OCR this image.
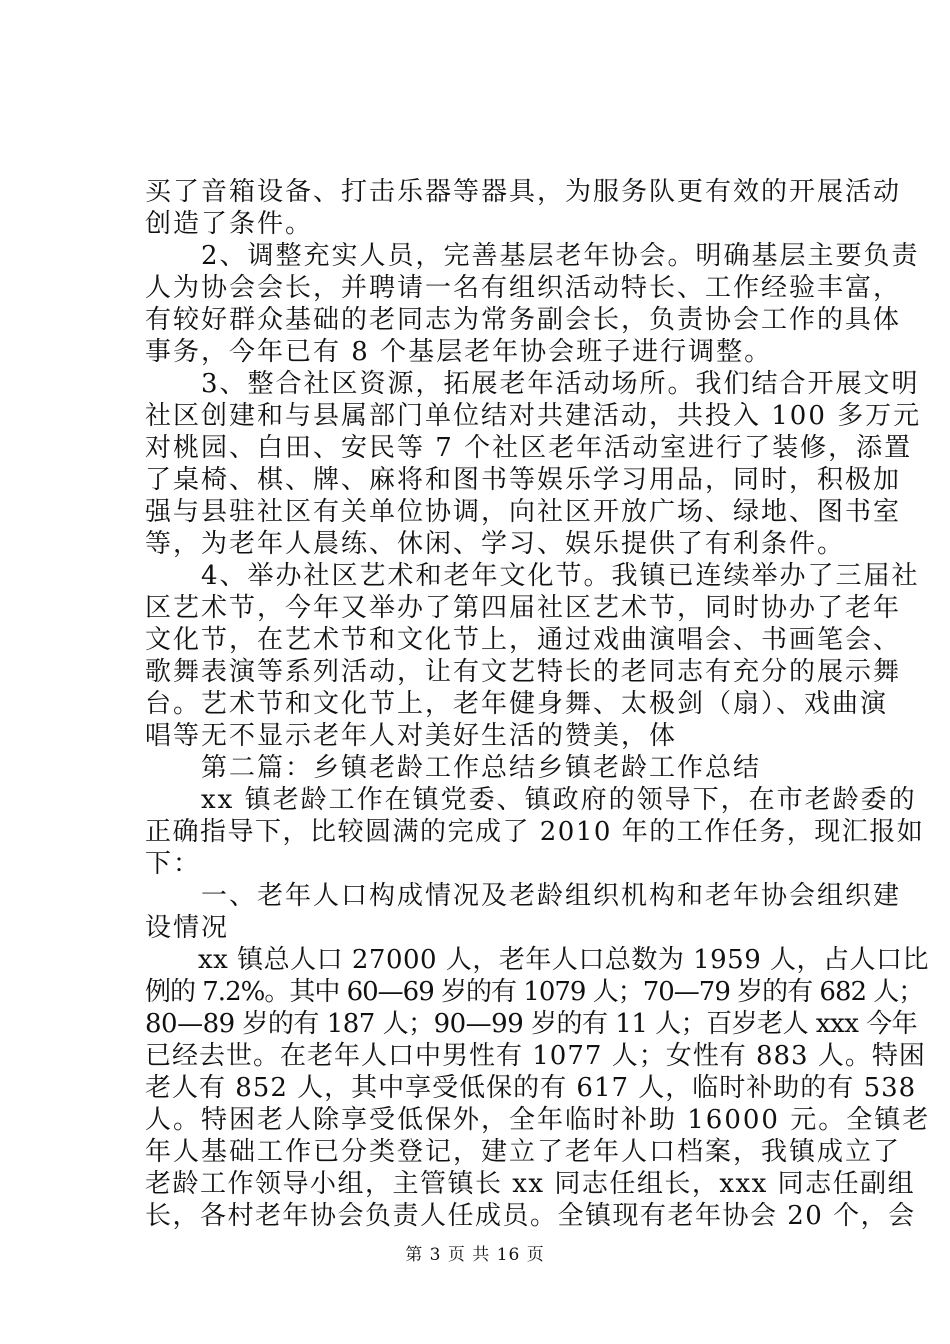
买了音箱设备、打击乐器等器具，为服务队更有效的开展活动
创造了条件。
　　2、调整充实人员，完善基层老年协会。明确基层主要负责
人为协会会长，并聘请一名有组织活动特长、工作经验丰富，
有较好群众基础的老同志为常务副会长，负责协会工作的具体
事务，今年已有 8 个基层老年协会班子进行调整。
　　3、整合社区资源，拓展老年活动场所。我们结合开展文明
社区创建和与县属部门单位结对共建活动，共投入 100 多万元
对桃园、白田、安民等 7 个社区老年活动室进行了装修，添置
了桌椅、棋、牌、麻将和图书等娱乐学习用品，同时，积极加
强与县驻社区有关单位协调，向社区开放广场、绿地、图书室
等，为老年人晨练、休闲、学习、娱乐提供了有利条件。
　　4、举办社区艺术和老年文化节。我镇已连续举办了三届社
区艺术节，今年又举办了第四届社区艺术节，同时协办了老年
文化节，在艺术节和文化节上，通过戏曲演唱会、书画笔会、
歌舞表演等系列活动，让有文艺特长的老同志有充分的展示舞
台。艺术节和文化节上，老年健身舞、太极剑（扇）、戏曲演
唱等无不显示老年人对美好生活的赞美，体
　　第二篇：乡镇老龄工作总结乡镇老龄工作总结
　　xx 镇老龄工作在镇党委、镇政府的领导下，在市老龄委的
正确指导下，比较圆满的完成了 2010 年的工作任务，现汇报如
下：
　　一、老年人口构成情况及老龄组织机构和老年协会组织建
设情况
　　xx 镇总人口 27000 人，老年人口总数为 1959 人，占人口比
例的 7.2%。其中 60—69 岁的有 1079 人；70—79 岁的有 682 人；
80—89 岁的有 187 人；90—99 岁的有 11 人；百岁老人 xxx 今年
已经去世。在老年人口中男性有 1077 人；女性有 883 人。特困
老人有 852 人，其中享受低保的有 617 人，临时补助的有 538
人。特困老人除享受低保外，全年临时补助 16000 元。全镇老
年人基础工作已分类登记，建立了老年人口档案，我镇成立了
老龄工作领导小组，主管镇长 xx 同志任组长，xxx 同志任副组
长，各村老年协会负责人任成员。全镇现有老年协会 20 个，会
第 3 页 共 16 页
